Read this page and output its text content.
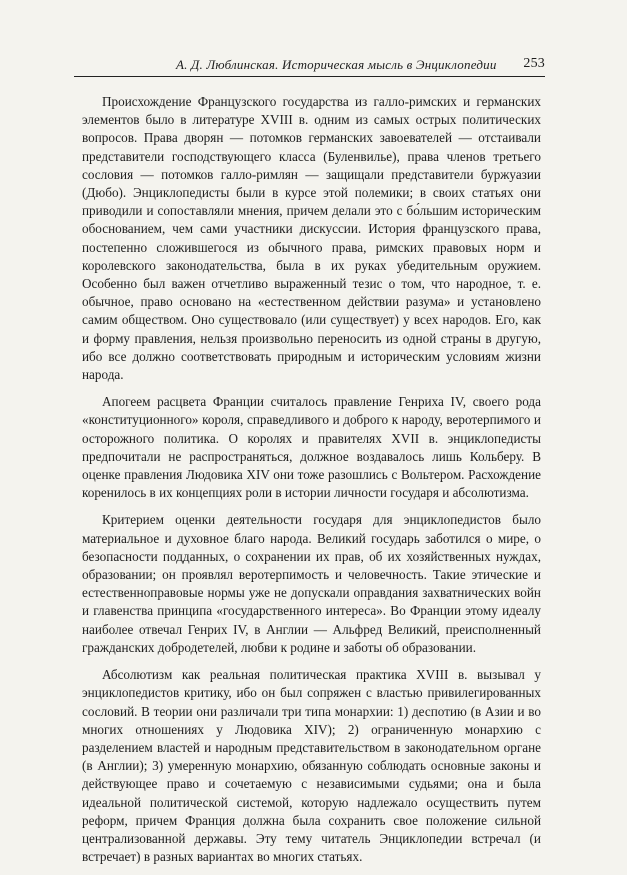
А. Д. Люблинская. Историческая мысль в Энциклопедии 253

Происхождение Французского государства из галло-римских и германских элементов было в литературе XVIII в. одним из самых острых политических вопросов. Права дворян — потомков германских завоевателей — отстаивали представители господствующего класса (Буленвилье), права членов третьего сословия — потомков галло-римлян — защищали представители буржуазии (Дюбо). Энциклопедисты были в курсе этой полемики; в своих статьях они приводили и сопоставляли мнения, причем делали это с бо́льшим историческим обоснованием, чем сами участники дискуссии. История французского права, постепенно сложившегося из обычного права, римских правовых норм и королевского законодательства, была в их руках убедительным оружием. Особенно был важен отчетливо выраженный тезис о том, что народное, т. е. обычное, право основано на «естественном действии разума» и установлено самим обществом. Оно существовало (или существует) у всех народов. Его, как и форму правления, нельзя произвольно переносить из одной страны в другую, ибо все должно соответствовать природным и историческим условиям жизни народа.

Апогеем расцвета Франции считалось правление Генриха IV, своего рода «конституционного» короля, справедливого и доброго к народу, веротерпимого и осторожного политика. О королях и правителях XVII в. энциклопедисты предпочитали не распространяться, должное воздавалось лишь Кольберу. В оценке правления Людовика XIV они тоже разошлись с Вольтером. Расхождение коренилось в их концепциях роли в истории личности государя и абсолютизма.

Критерием оценки деятельности государя для энциклопедистов было материальное и духовное благо народа. Великий государь заботился о мире, о безопасности подданных, о сохранении их прав, об их хозяйственных нуждах, образовании; он проявлял веротерпимость и человечность. Такие этические и естественноправовые нормы уже не допускали оправдания захватнических войн и главенства принципа «государственного интереса». Во Франции этому идеалу наиболее отвечал Генрих IV, в Англии — Альфред Великий, преисполненный гражданских добродетелей, любви к родине и заботы об образовании.

Абсолютизм как реальная политическая практика XVIII в. вызывал у энциклопедистов критику, ибо он был сопряжен с властью привилегированных сословий. В теории они различали три типа монархии: 1) деспотию (в Азии и во многих отношениях у Людовика XIV); 2) ограниченную монархию с разделением властей и народным представительством в законодательном органе (в Англии); 3) умеренную монархию, обязанную соблюдать основные законы и действующее право и сочетаемую с независимыми судьями; она и была идеальной политической системой, которую надлежало осуществить путем реформ, причем Франция должна была сохранить свое положение сильной централизованной державы. Эту тему читатель Энциклопедии встречал (и встречает) в разных вариантах во многих статьях.
